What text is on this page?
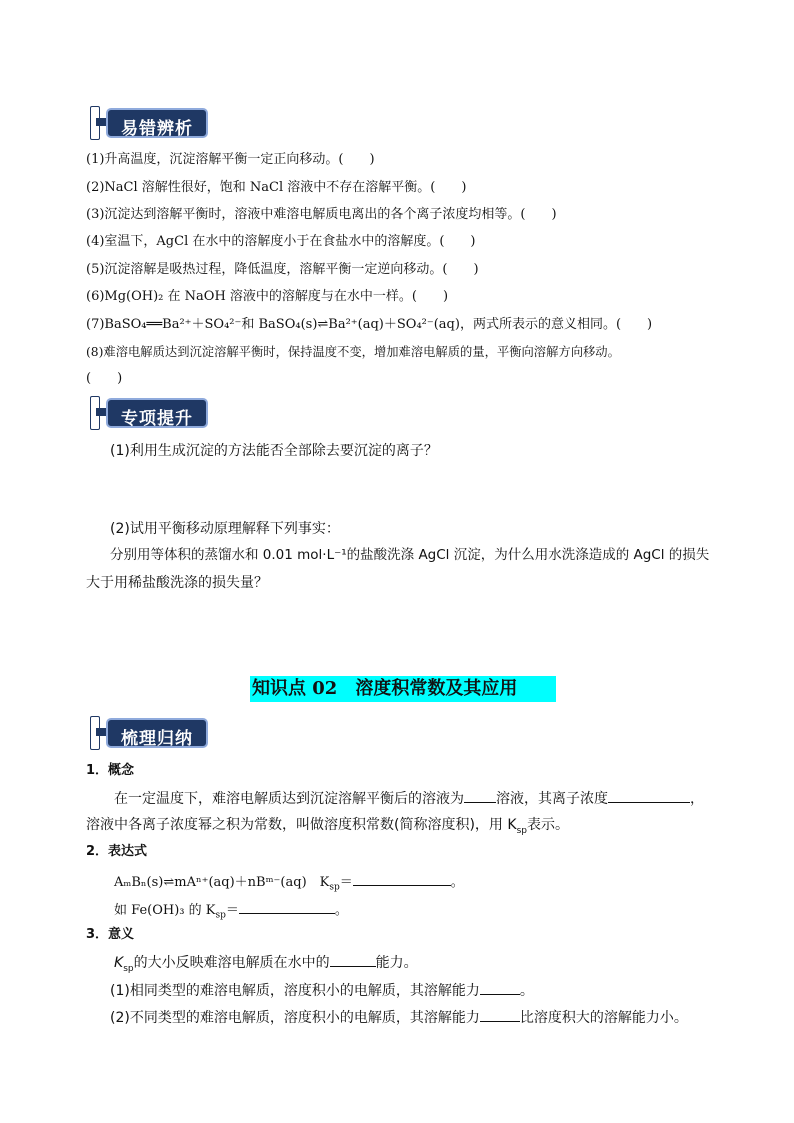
易错辨析
(1)升高温度，沉淀溶解平衡一定正向移动。(　　)
(2)NaCl 溶解性很好，饱和 NaCl 溶液中不存在溶解平衡。(　　)
(3)沉淀达到溶解平衡时，溶液中难溶电解质电离出的各个离子浓度均相等。(　　)
(4)室温下，AgCl 在水中的溶解度小于在食盐水中的溶解度。(　　)
(5)沉淀溶解是吸热过程，降低温度，溶解平衡一定逆向移动。(　　)
(6)Mg(OH)₂ 在 NaOH 溶液中的溶解度与在水中一样。(　　)
(7)BaSO₄══Ba²⁺＋SO₄²⁻和 BaSO₄(s)⇌Ba²⁺(aq)＋SO₄²⁻(aq)，两式所表示的意义相同。(　　)
(8)难溶电解质达到沉淀溶解平衡时，保持温度不变，增加难溶电解质的量，平衡向溶解方向移动。
(　　)
专项提升
(1)利用生成沉淀的方法能否全部除去要沉淀的离子？
(2)试用平衡移动原理解释下列事实：
分别用等体积的蒸馏水和 0.01 mol·L⁻¹的盐酸洗涤 AgCl 沉淀，为什么用水洗涤造成的 AgCl 的损失
大于用稀盐酸洗涤的损失量？
知识点 02　溶度积常数及其应用
梳理归纳
1．概念
在一定温度下，难溶电解质达到沉淀溶解平衡后的溶液为 溶液，其离子浓度	，
溶液中各离子浓度幂之积为常数，叫做溶度积常数(简称溶度积)，用 $K_{sp}$表示。
2．表达式
AₘBₙ(s)⇌mAⁿ⁺(aq)＋nBᵐ⁻(aq)　$K_{sp}=$	。
如 Fe(OH)₃ 的 $K_{sp}=$	。
3．意义
$K_{sp}$的大小反映难溶电解质在水中的	能力。
(1)相同类型的难溶电解质，溶度积小的电解质，其溶解能力	。
(2)不同类型的难溶电解质，溶度积小的电解质，其溶解能力	比溶度积大的溶解能力小。
